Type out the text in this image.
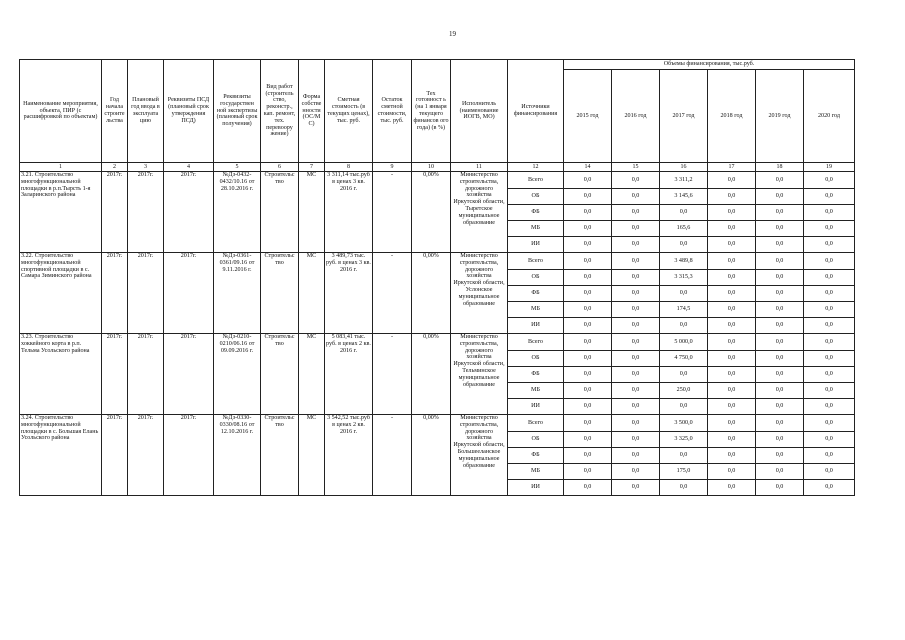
19
Наименование мероприятия, объекта, ПИР (с расшифровкой по объектам)	Год начала строите льства	Плановый год ввода в эксплуата цию	Реквизиты ПСД (плановый срок утверждения ПСД)	Реквизиты государствен ной экспертизы (плановый срок получения)	Вид работ (строитель ство, реконстр., кап. ремонт, тех. перевоору жение)	Форма собстве нности (ОС/М С)	Сметная стоимость (в текущих ценах), тыс. руб.	Остаток сметной стоимости, тыс. руб.	Тех готовност ь (на 1 января текущего финансов ого года) (в %)	Исполнитель (наименование ИОГВ, МО)	Источники финансирования	Объемы финансирования, тыс.руб.					
												2015 год	2016 год	2017 год	2018 год	2019 год	2020 год
1	2	3	4	5	6	7	8	9	10	11	12	14	15	16	17	18	19
3.21. Строительство многофункциональной площадки в р.п.Тырсть 1-я Заларинского района	2017г.	2017г.	2017г.	№Дз-0432-0432/10.16 от 28.10.2016 г.	Строительс тво	МС	3 311,14 тыс.руб в ценах 3 кв. 2016 г.	-	0,00%	Министерство строительства, дорожного хозяйства Иркутской области, Тыретское муниципальное образование	Всего	0,0	0,0	3 311,2	0,0	0,0	0,0
											ОБ	0,0	0,0	3 145,6	0,0	0,0	0,0
											ФБ	0,0	0,0	0,0	0,0	0,0	0,0
											МБ	0,0	0,0	165,6	0,0	0,0	0,0
											ИИ	0,0	0,0	0,0	0,0	0,0	0,0
3.22. Строительство многофункциональной спортивной площадки в с. Самара Зиминского района	2017г.	2017г.	2017г.	№Дз-0361-0361/09.16 от 9.11.2016 г.	Строительс тво	МС	3 489,73 тыс. руб. в ценах 3 кв. 2016 г.	-	0,00%	Министерство строительства, дорожного хозяйства Иркутской области, Услонское муниципальное образование	Всего	0,0	0,0	3 489,8	0,0	0,0	0,0
											ОБ	0,0	0,0	3 315,3	0,0	0,0	0,0
											ФБ	0,0	0,0	0,0	0,0	0,0	0,0
											МБ	0,0	0,0	174,5	0,0	0,0	0,0
											ИИ	0,0	0,0	0,0	0,0	0,0	0,0
3.23. Строительство хоккейного корта в р.п. Тельма Усольского района	2017г.	2017г.	2017г.	№Дз-0210-0210/06.16 от 09.09.2016 г.	Строительс тво	МС	5 083,41 тыс. руб. в ценах 2 кв. 2016 г.	-	0,00%	Министерство строительства, дорожного хозяйства Иркутской области, Тельминское муниципальное образование	Всего	0,0	0,0	5 000,0	0,0	0,0	0,0
											ОБ	0,0	0,0	4 750,0	0,0	0,0	0,0
											ФБ	0,0	0,0	0,0	0,0	0,0	0,0
											МБ	0,0	0,0	250,0	0,0	0,0	0,0
											ИИ	0,0	0,0	0,0	0,0	0,0	0,0
3.24. Строительство многофункциональной площадки в с. Большая Елань Усольского района	2017г.	2017г.	2017г.	№Дз-0330-0330/08.16 от 12.10.2016 г.	Строительс тво	МС	3 542,52 тыс.руб в ценах 2 кв. 2016 г.	-	0,00%	Министерство строительства, дорожного хозяйства Иркутской области, Большееланское муниципальное образование	Всего	0,0	0,0	3 500,0	0,0	0,0	0,0
											ОБ	0,0	0,0	3 325,0	0,0	0,0	0,0
											ФБ	0,0	0,0	0,0	0,0	0,0	0,0
											МБ	0,0	0,0	175,0	0,0	0,0	0,0
											ИИ	0,0	0,0	0,0	0,0	0,0	0,0
